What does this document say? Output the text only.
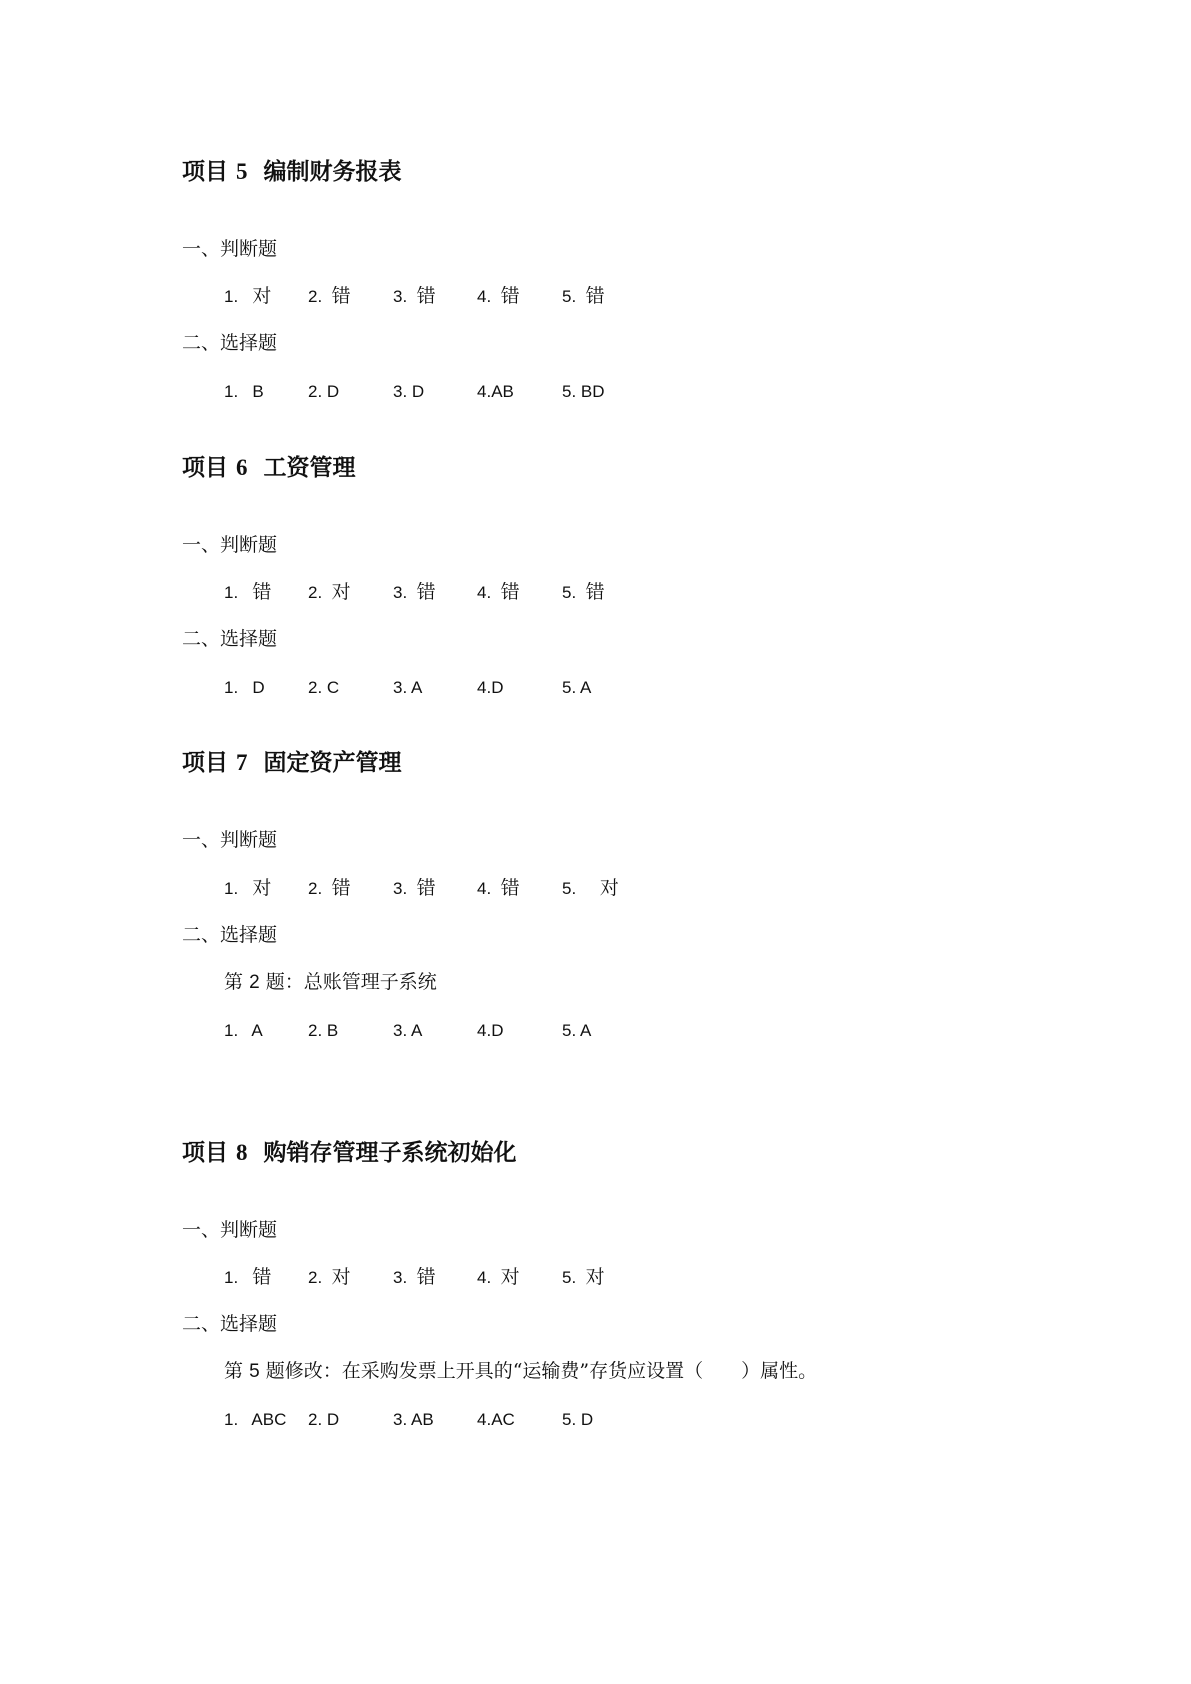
项目 5 编制财务报表
一、判断题
1. 对 2. 错 3. 错 4. 错 5. 错
二、选择题
1. B	2. D	3. D	4.AB	5. BD
项目 6 工资管理
一、判断题
1. 错 2. 对 3. 错 4. 错 5. 错
二、选择题
1. D	2. C	3. A	4.D	5. A
项目 7 固定资产管理
一、判断题
1. 对 2. 错 3. 错 4. 错 5. 对
二、选择题
第 2 题：总账管理子系统
1. A	2. B	3. A	4.D	5. A
项目 8 购销存管理子系统初始化
一、判断题
1. 错 2. 对 3. 错 4. 对 5. 对
二、选择题
第 5 题修改：在采购发票上开具的“运输费”存货应设置（　　）属性。
1. ABC 2. D	3. AB	4.AC	5. D
